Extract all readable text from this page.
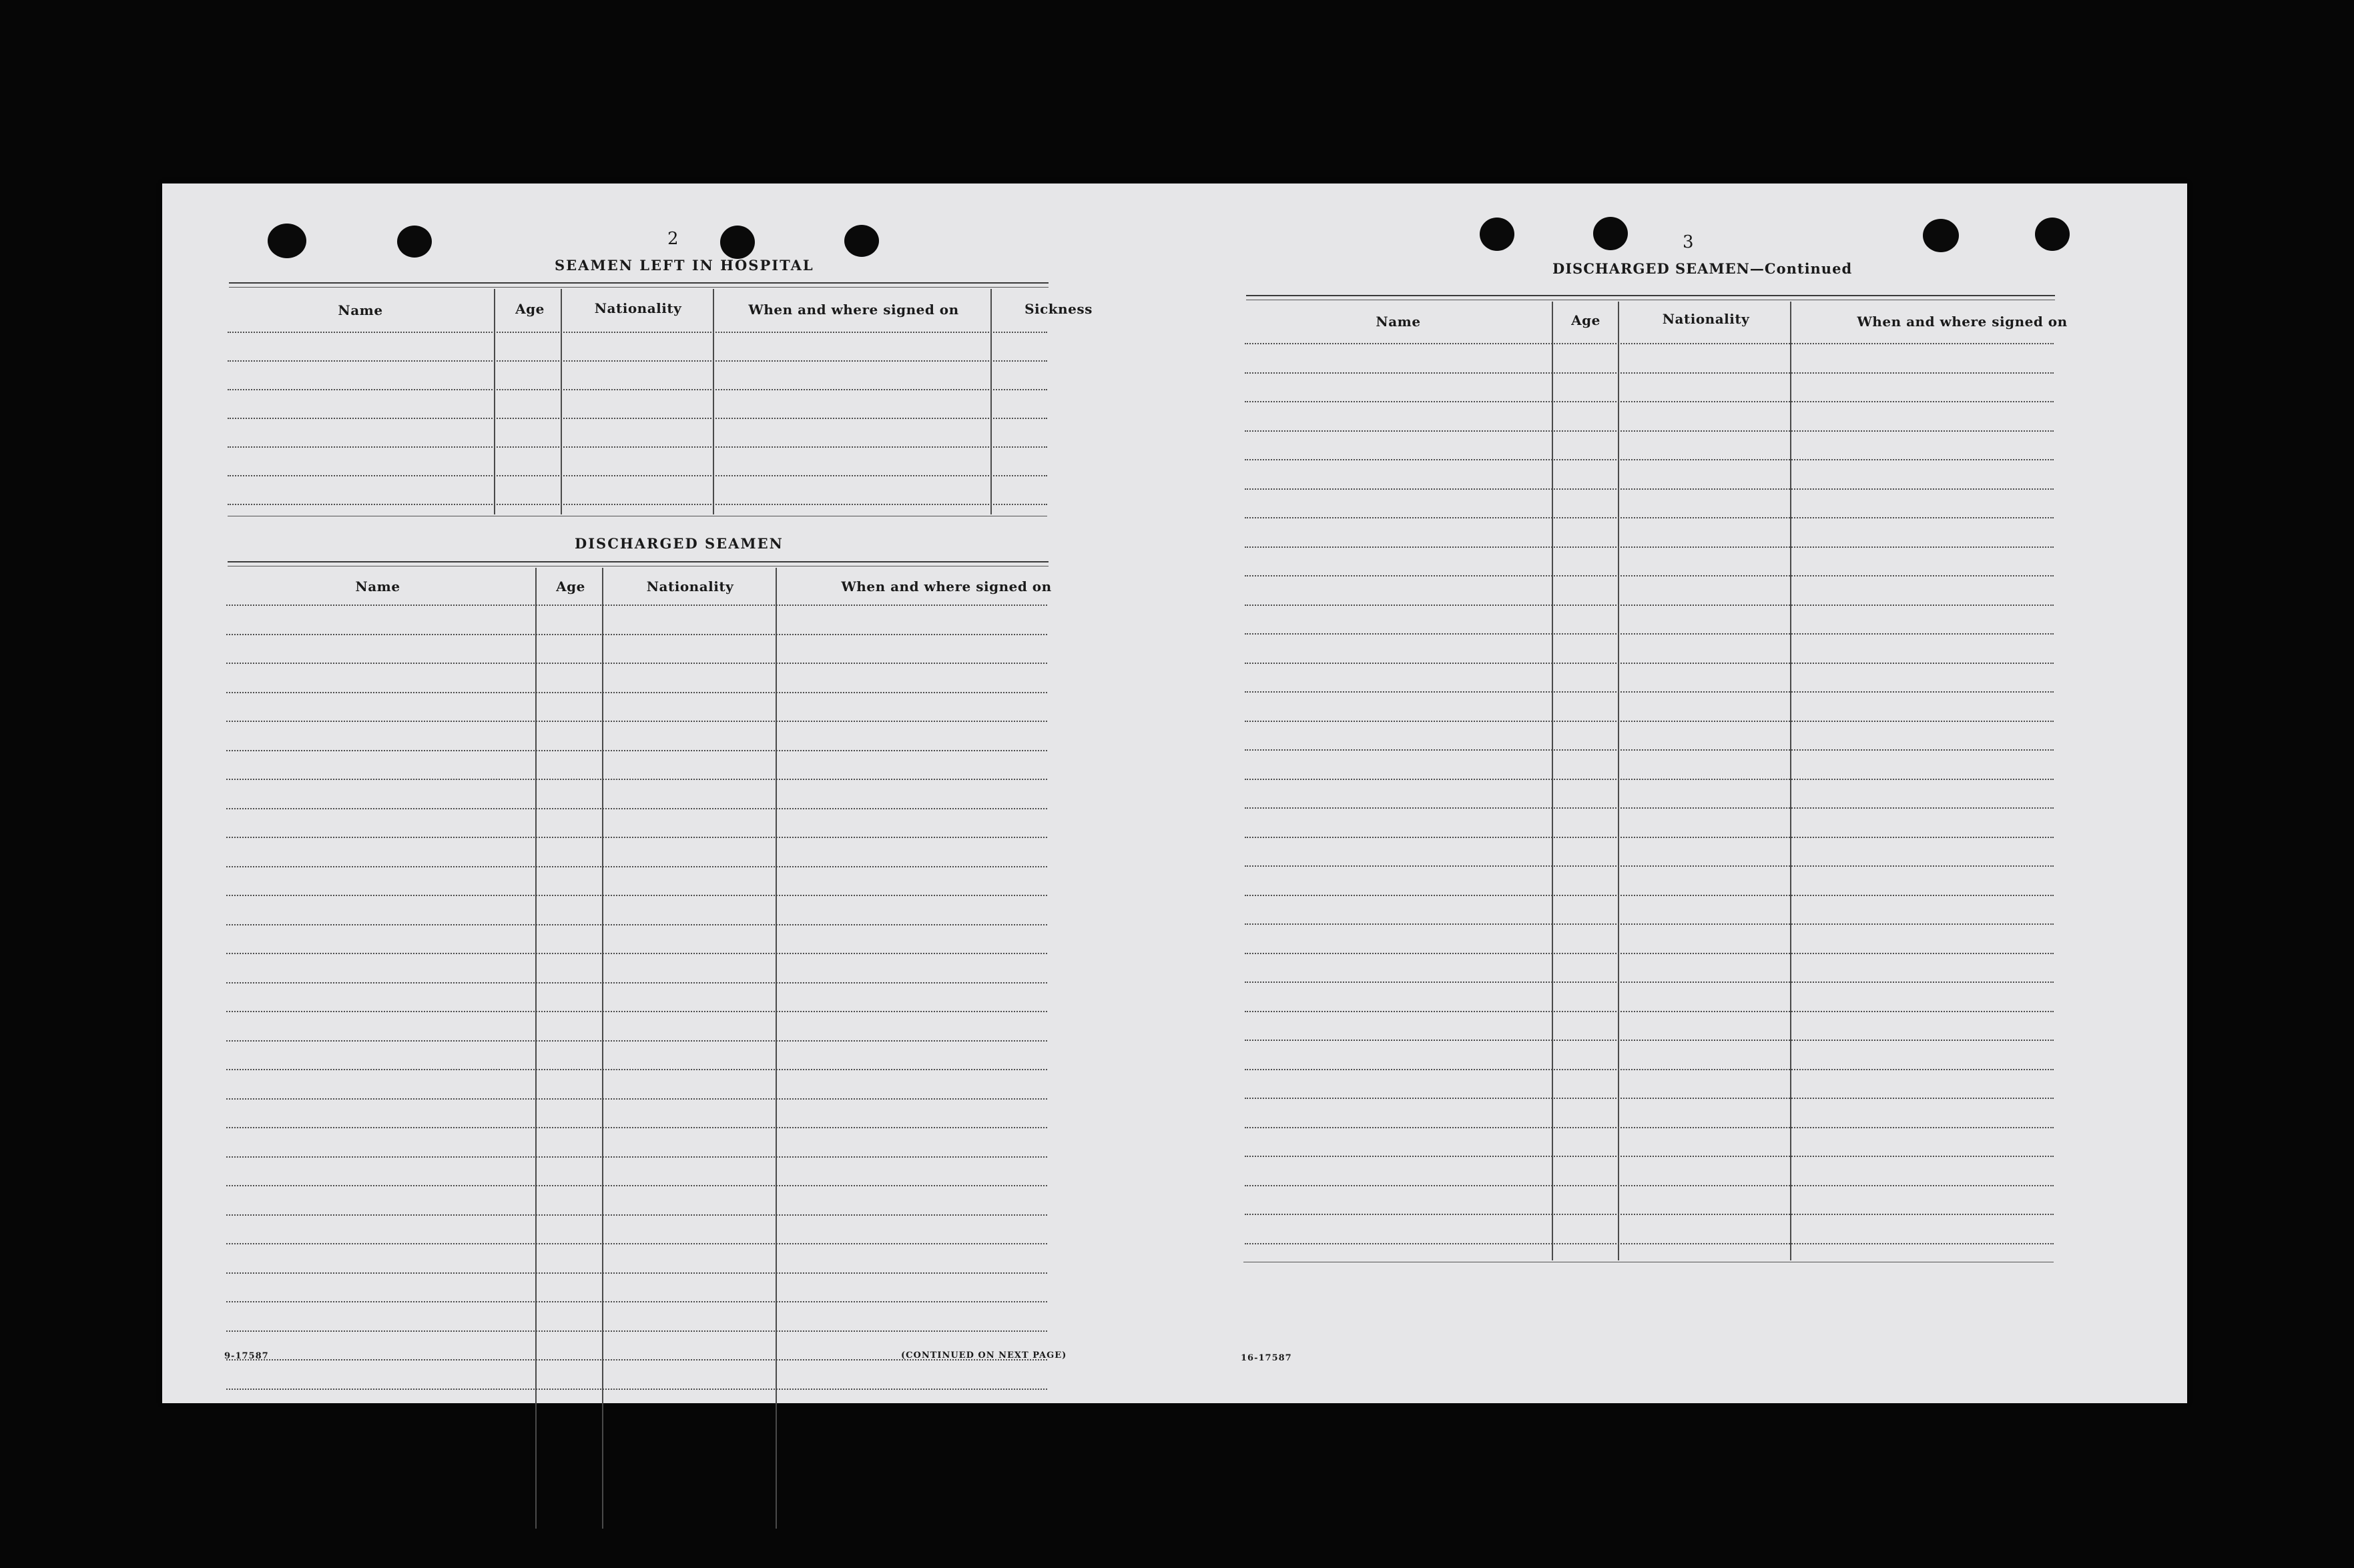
2
SEAMEN LEFT IN HOSPITAL
Name	Age	Nationality	When and where signed on	Sickness
DISCHARGED SEAMEN
Name	Age	Nationality	When and where signed on
9-17587	(CONTINUED ON NEXT PAGE)
3
DISCHARGED SEAMEN—Continued
Name	Age	Nationality	When and where signed on
16-17587
